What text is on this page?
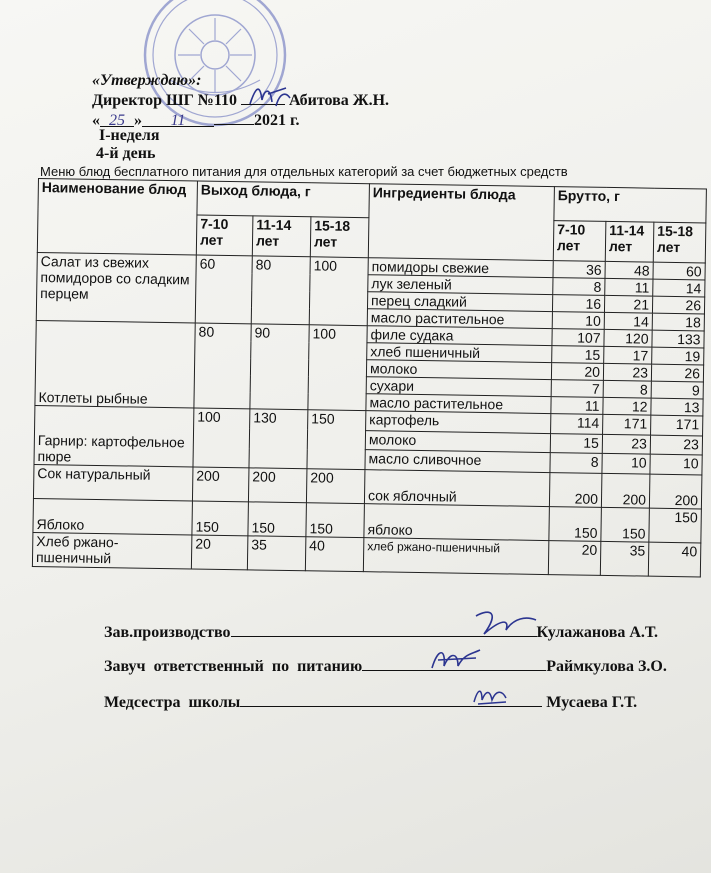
«Утверждаю»:
Директор ШГ №110	Абитова Ж.Н.
« 25 » 11	2021 г.
I-неделя
4-й день
Меню блюд бесплатного питания для отдельных категорий за счет бюджетных средств
Наименование блюд	Выход блюда, г			Ингредиенты блюда	Брутто, г		
	7-10 лет	11-14 лет	15-18 лет		7-10 лет	11-14 лет	15-18 лет
Салат из свежих помидоров со сладким перцем	60	80	100	помидоры свежие	36	48	60
				лук зеленый	8	11	14
				перец сладкий	16	21	26
				масло растительное	10	14	18
Котлеты рыбные	80	90	100	филе судака	107	120	133
				хлеб пшеничный	15	17	19
				молоко	20	23	26
				сухари	7	8	9
				масло растительное	11	12	13
Гарнир: картофельное пюре	100	130	150	картофель	114	171	171
				молоко	15	23	23
				масло сливочное	8	10	10
Сок натуральный	200	200	200	сок яблочный	200	200	200
Яблоко	150	150	150	яблоко	150	150	150
Хлеб ржано-пшеничный	20	35	40	хлеб ржано-пшеничный	20	35	40
Зав.производство	Кулажанова А.Т.
Завуч ответственный по питанию	Раймкулова З.О.
Медсестра школы	Мусаева Г.Т.
